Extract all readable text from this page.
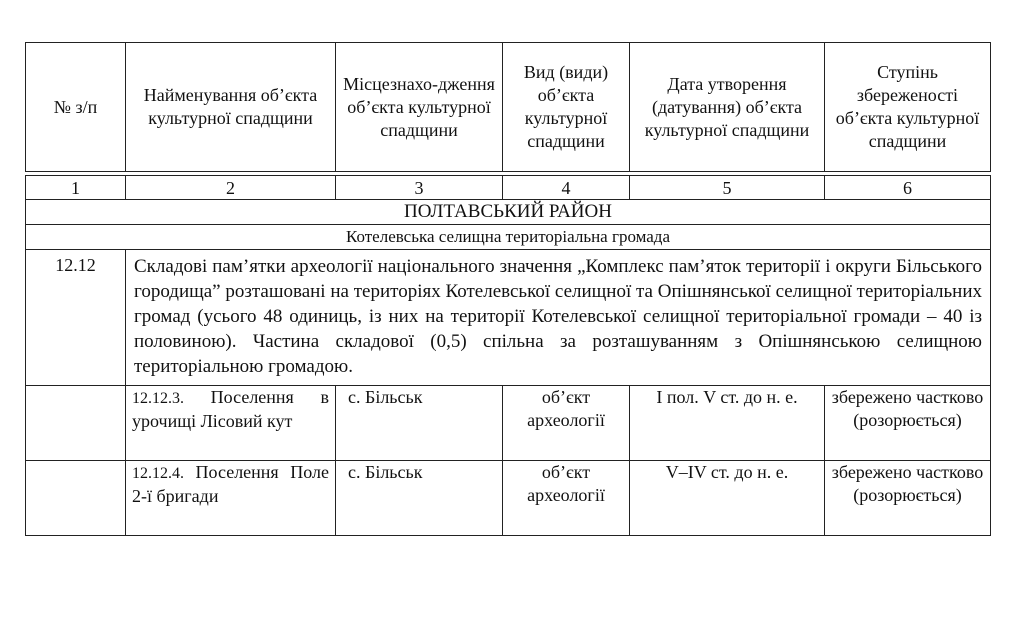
№ з/п	Найменування об’єкта культурної спадщини	Місцезнахо-дження об’єкта культурної спадщини	Вид (види) об’єкта культурної спадщини	Дата утворення (датування) об’єкта культурної спадщини	Ступінь збереженості об’єкта культурної спадщини

1	2	3	4	5	6
ПОЛТАВСЬКИЙ РАЙОН					
Котелевська селищна територіальна громада					
12.12	Складові пам’ятки археології національного значення „Комплекс пам’яток території і округи Більського городища” розташовані на територіях Котелевської селищної та Опішнянської селищної територіальних громад (усього 48 одиниць, із них на території Котелевської селищної територіальної громади – 40 із половиною). Частина складової (0,5) спільна за розташуванням з Опішнянською селищною територіальною громадою.				
	12.12.3. Поселення в урочищі Лісовий кут	с. Більськ	об’єкт археології	І пол. V ст. до н. е.	збережено частково (розорюється)
	12.12.4. Поселення Поле 2-ї бригади	с. Більськ	об’єкт археології	V–IV ст. до н. е.	збережено частково (розорюється)
